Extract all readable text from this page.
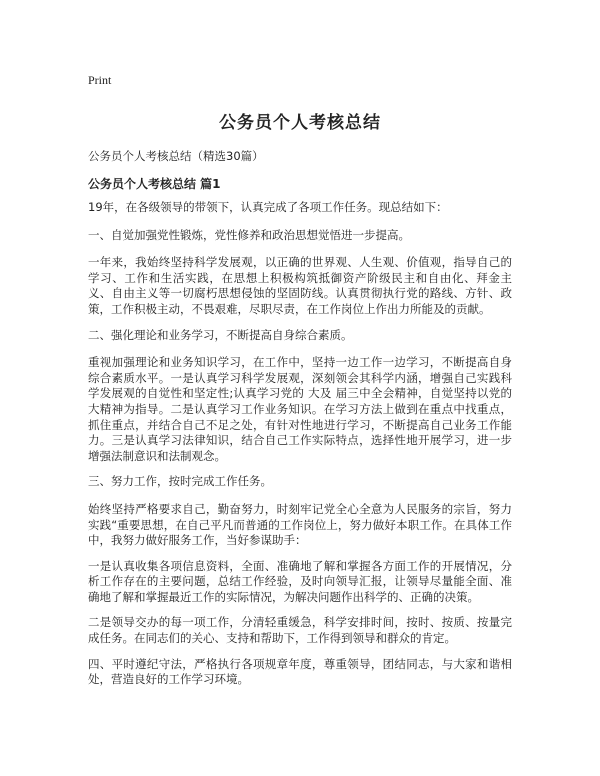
Print
公务员个人考核总结
公务员个人考核总结（精选30篇）
公务员个人考核总结 篇1

19年，在各级领导的带领下，认真完成了各项工作任务。现总结如下：

一、自觉加强党性锻炼，党性修养和政治思想觉悟进一步提高。

一年来，我始终坚持科学发展观，以正确的世界观、人生观、价值观，指导自己的学习、工作和生活实践，在思想上积极构筑抵御资产阶级民主和自由化、拜金主义、自由主义等一切腐朽思想侵蚀的坚固防线。认真贯彻执行党的路线、方针、政策，工作积极主动，不畏艰难，尽职尽责，在工作岗位上作出力所能及的贡献。

二、强化理论和业务学习，不断提高自身综合素质。

重视加强理论和业务知识学习，在工作中，坚持一边工作一边学习，不断提高自身综合素质水平。一是认真学习科学发展观，深刻领会其科学内涵，增强自己实践科学发展观的自觉性和坚定性;认真学习党的 大及 届三中全会精神，自觉坚持以党的大精神为指导。二是认真学习工作业务知识。在学习方法上做到在重点中找重点，抓住重点，并结合自己不足之处，有针对性地进行学习，不断提高自己业务工作能力。三是认真学习法律知识，结合自己工作实际特点，选择性地开展学习，进一步增强法制意识和法制观念。

三、努力工作，按时完成工作任务。

始终坚持严格要求自己，勤奋努力，时刻牢记党全心全意为人民服务的宗旨，努力实践“重要思想，在自己平凡而普通的工作岗位上，努力做好本职工作。在具体工作中，我努力做好服务工作，当好参谋助手：

一是认真收集各项信息资料，全面、准确地了解和掌握各方面工作的开展情况，分析工作存在的主要问题，总结工作经验，及时向领导汇报，让领导尽量能全面、准确地了解和掌握最近工作的实际情况，为解决问题作出科学的、正确的决策。

二是领导交办的每一项工作，分清轻重缓急，科学安排时间，按时、按质、按量完成任务。在同志们的关心、支持和帮助下，工作得到领导和群众的肯定。

四、平时遵纪守法，严格执行各项规章年度，尊重领导，团结同志，与大家和谐相处，营造良好的工作学习环境。
